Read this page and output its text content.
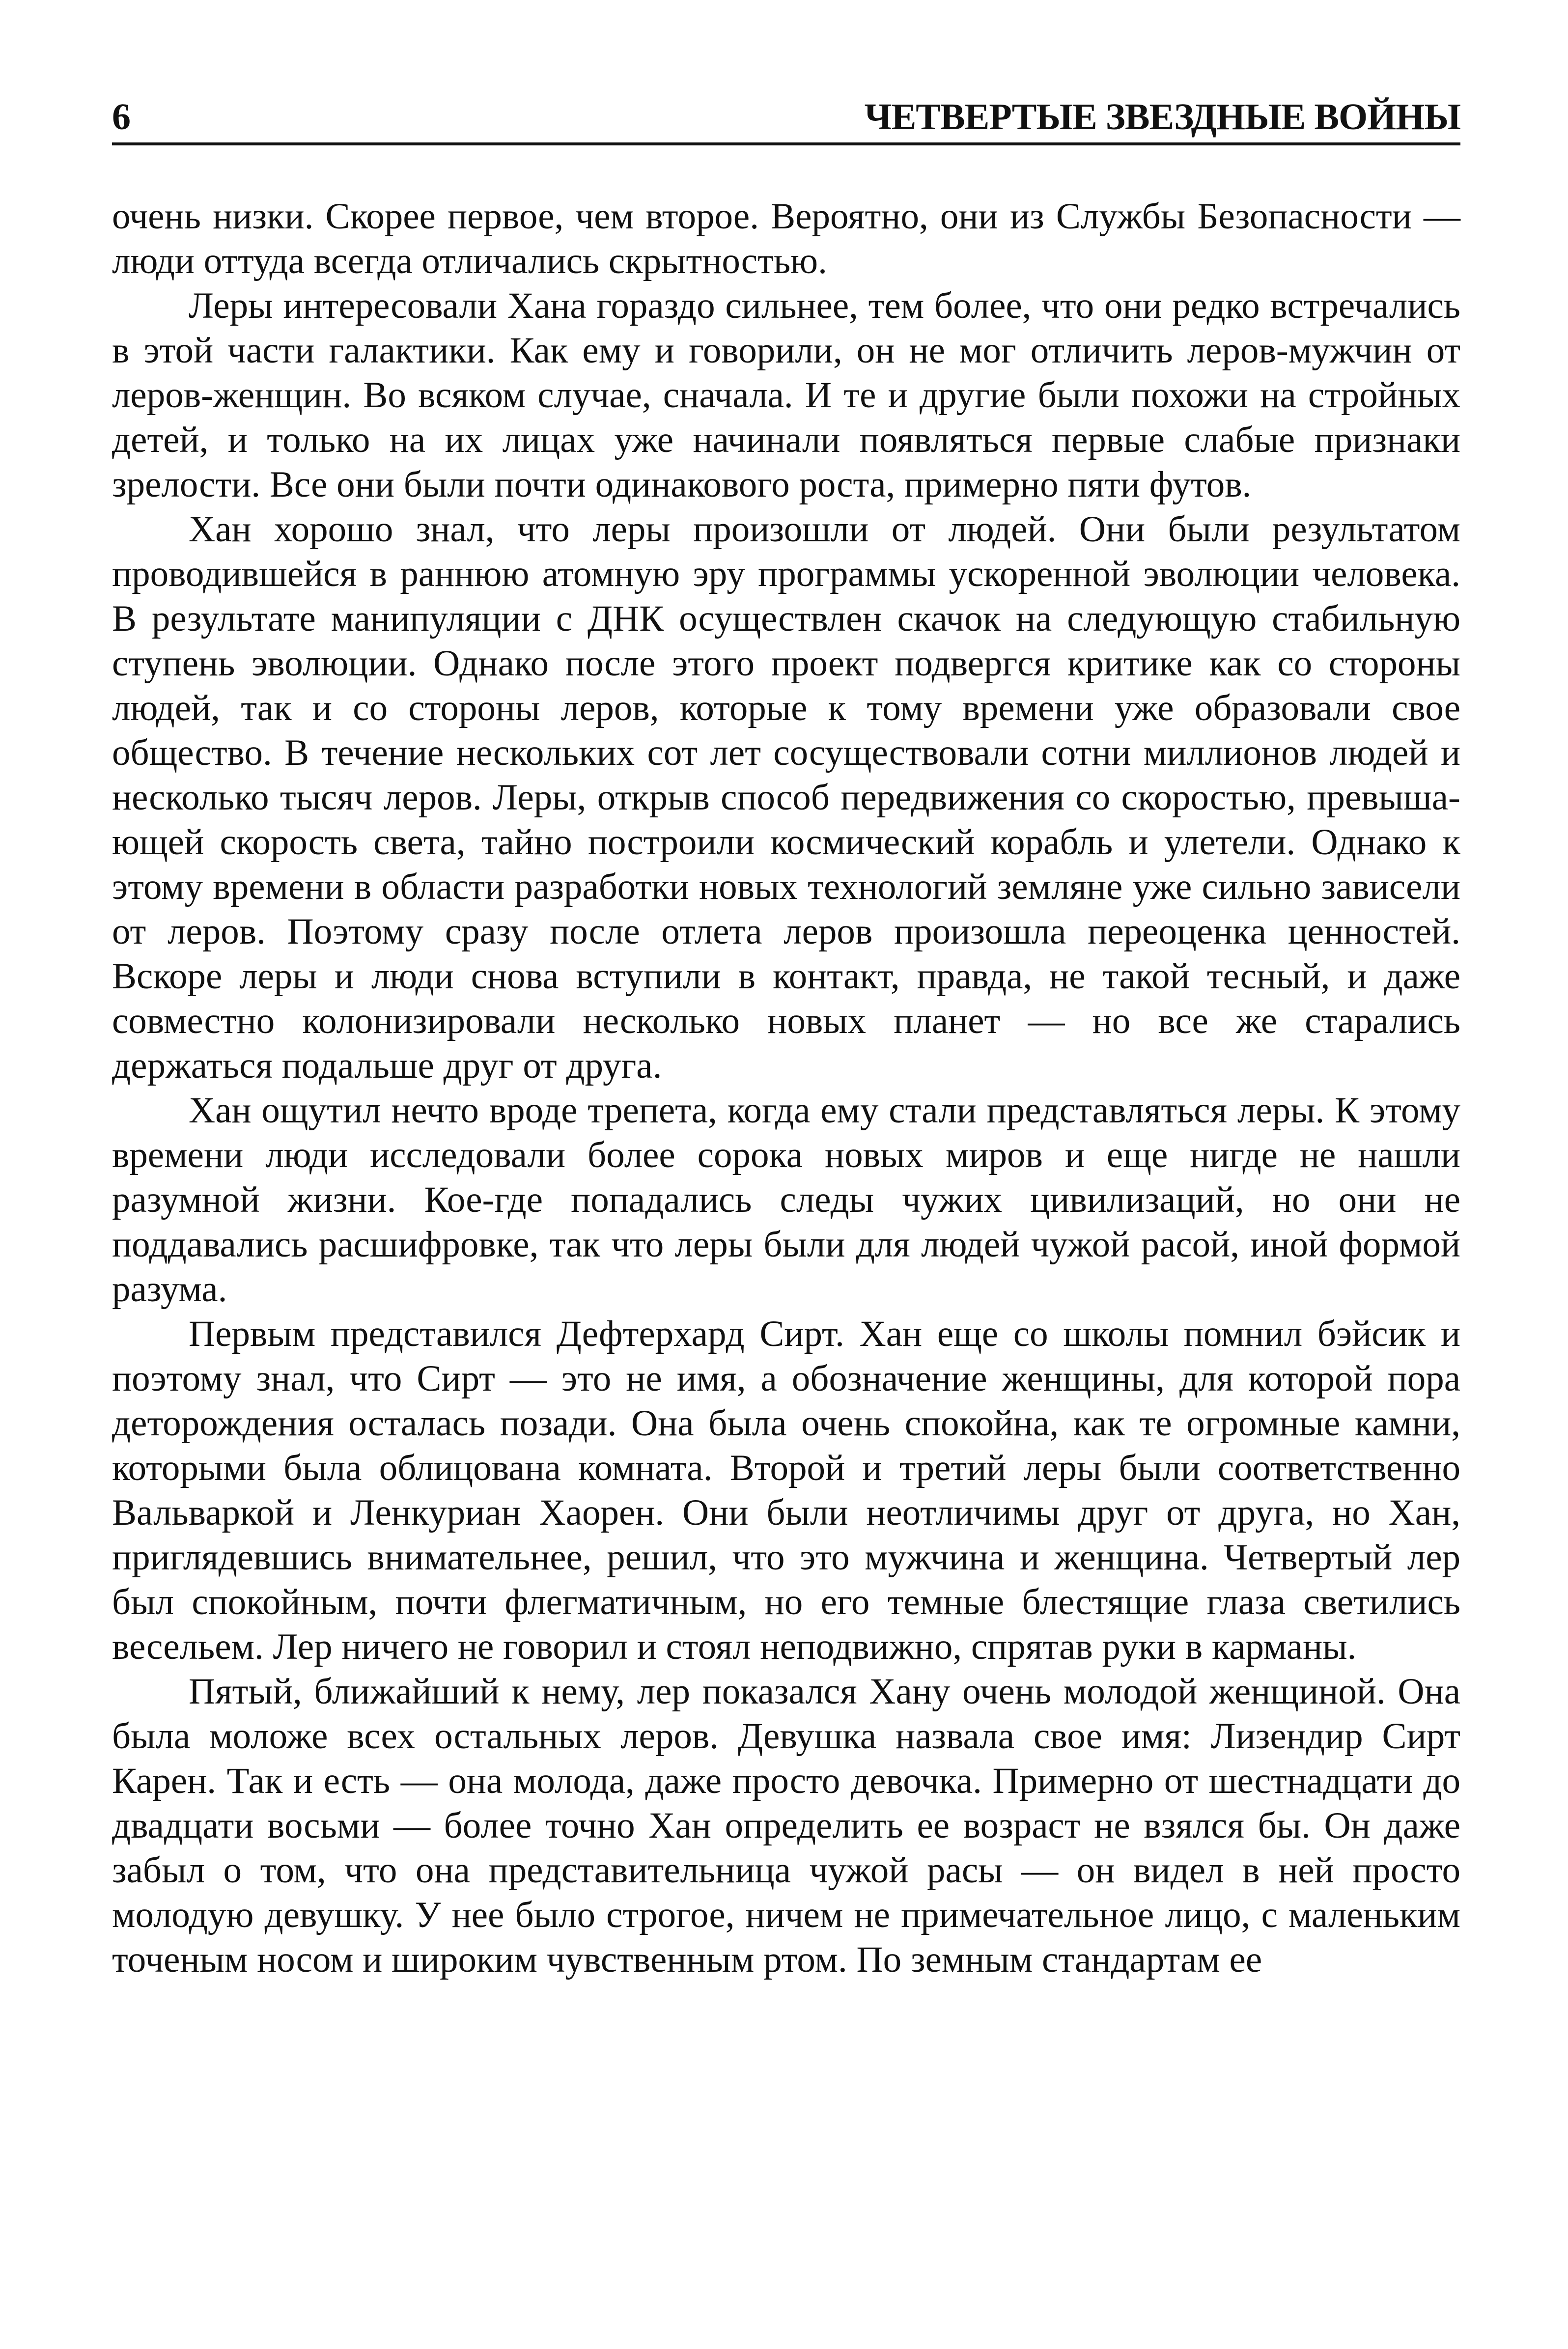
6	ЧЕТВЕРТЫЕ ЗВЕЗДНЫЕ ВОЙНЫ

очень низки. Скорее первое, чем второе. Вероятно, они из Службы Безопасности — люди оттуда всегда отличались скрытностью.

Леры интересовали Хана гораздо сильнее, тем более, что они редко встречались в этой части галактики. Как ему и говорили, он не мог отличить леров-мужчин от леров-женщин. Во всяком случае, сначала. И те и другие были похожи на стройных детей, и только на их лицах уже начинали появляться первые слабые признаки зрелости. Все они были почти одинакового роста, примерно пяти футов.

Хан хорошо знал, что леры произошли от людей. Они были результатом проводившейся в раннюю атомную эру программы ускоренной эволюции человека. В результате манипуляции с ДНК осуществлен скачок на следующую стабильную ступень эволюции. Однако после этого проект подвергся критике как со стороны людей, так и со стороны леров, которые к тому времени уже образовали свое общество. В течение нескольких сот лет сосуществовали сотни миллионов людей и несколько тысяч леров. Леры, открыв способ передвижения со скоростью, превышающей скорость света, тайно построили космический корабль и улетели. Однако к этому времени в области разработки новых технологий земляне уже сильно зависели от леров. Поэтому сразу после отлета леров произошла переоценка ценностей. Вскоре леры и люди снова вступили в контакт, правда, не такой тесный, и даже совместно колонизировали несколько новых планет — но все же старались держаться подальше друг от друга.

Хан ощутил нечто вроде трепета, когда ему стали представляться леры. К этому времени люди исследовали более сорока новых миров и еще нигде не нашли разумной жизни. Кое-где попадались следы чужих цивилизаций, но они не поддавались расшифровке, так что леры были для людей чужой расой, иной формой разума.

Первым представился Дефтерхард Сирт. Хан еще со школы помнил бэйсик и поэтому знал, что Сирт — это не имя, а обозначение женщины, для которой пора деторождения осталась позади. Она была очень спокойна, как те огромные камни, которыми была облицована комната. Второй и третий леры были соответственно Вальваркой и Ленкуриан Хаорен. Они были неотличимы друг от друга, но Хан, приглядевшись внимательнее, решил, что это мужчина и женщина. Четвертый лер был спокойным, почти флегматичным, но его темные блестящие глаза светились весельем. Лер ничего не говорил и стоял неподвижно, спрятав руки в карманы.

Пятый, ближайший к нему, лер показался Хану очень молодой женщиной. Она была моложе всех остальных леров. Девушка назвала свое имя: Лизендир Сирт Карен. Так и есть — она молода, даже просто девочка. Примерно от шестнадцати до двадцати восьми — более точно Хан определить ее возраст не взялся бы. Он даже забыл о том, что она представительница чужой расы — он видел в ней просто молодую девушку. У нее было строгое, ничем не примечательное лицо, с маленьким точеным носом и широким чувственным ртом. По земным стандартам ее
